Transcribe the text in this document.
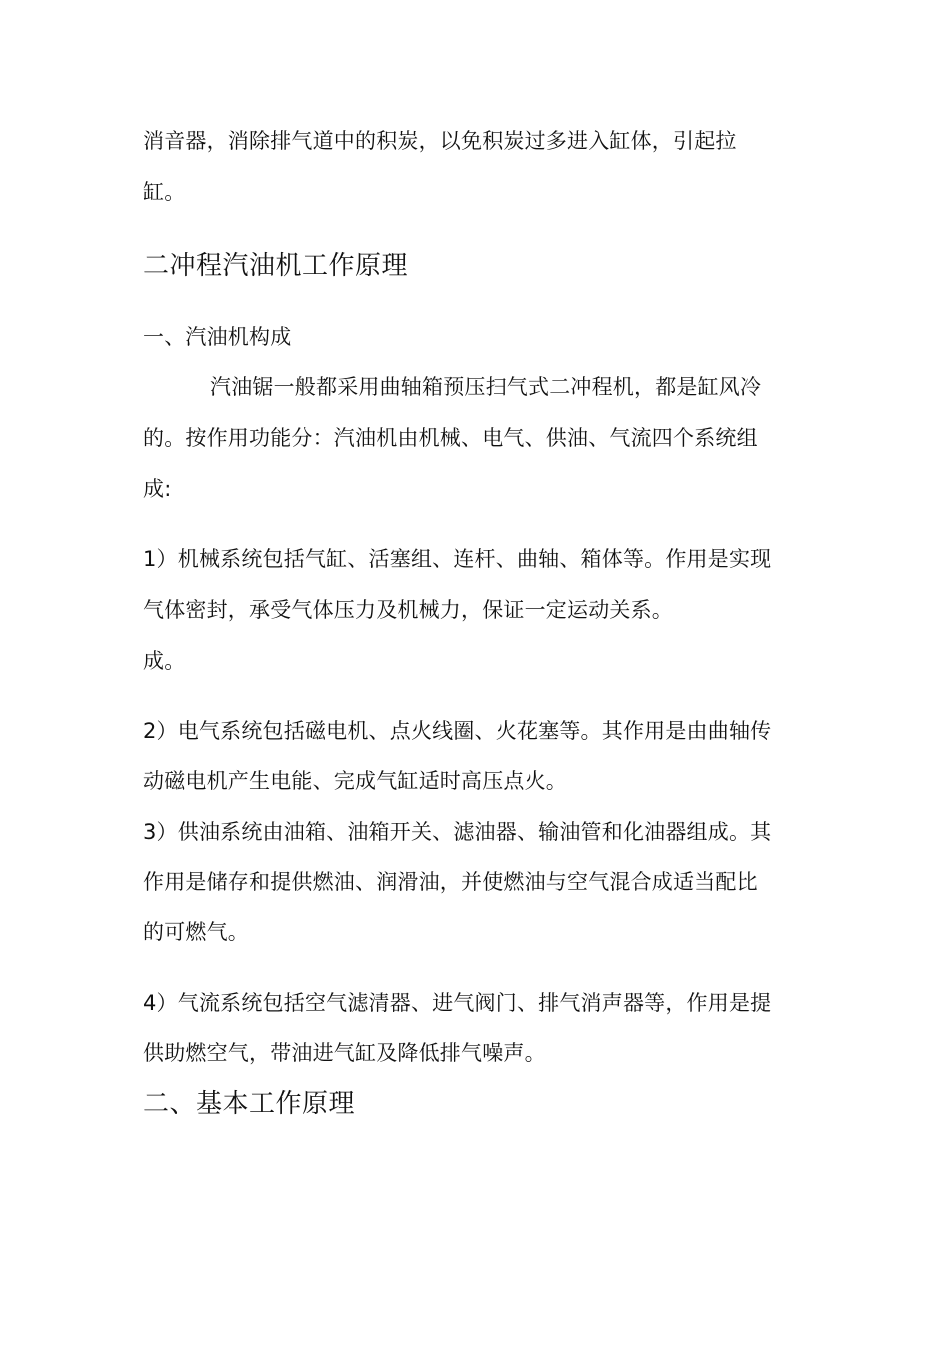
消音器，消除排气道中的积炭，以免积炭过多进入缸体，引起拉
缸。
二冲程汽油机工作原理
一、汽油机构成
汽油锯一般都采用曲轴箱预压扫气式二冲程机，都是缸风冷
的。按作用功能分：汽油机由机械、电气、供油、气流四个系统组
成:
1）机械系统包括气缸、活塞组、连杆、曲轴、箱体等。作用是实现
气体密封，承受气体压力及机械力，保证一定运动关系。
成。
2）电气系统包括磁电机、点火线圈、火花塞等。其作用是由曲轴传
动磁电机产生电能、完成气缸适时高压点火。
3）供油系统由油箱、油箱开关、滤油器、输油管和化油器组成。其
作用是储存和提供燃油、润滑油，并使燃油与空气混合成适当配比
的可燃气。
4）气流系统包括空气滤清器、进气阀门、排气消声器等，作用是提
供助燃空气，带油进气缸及降低排气噪声。
二、基本工作原理
